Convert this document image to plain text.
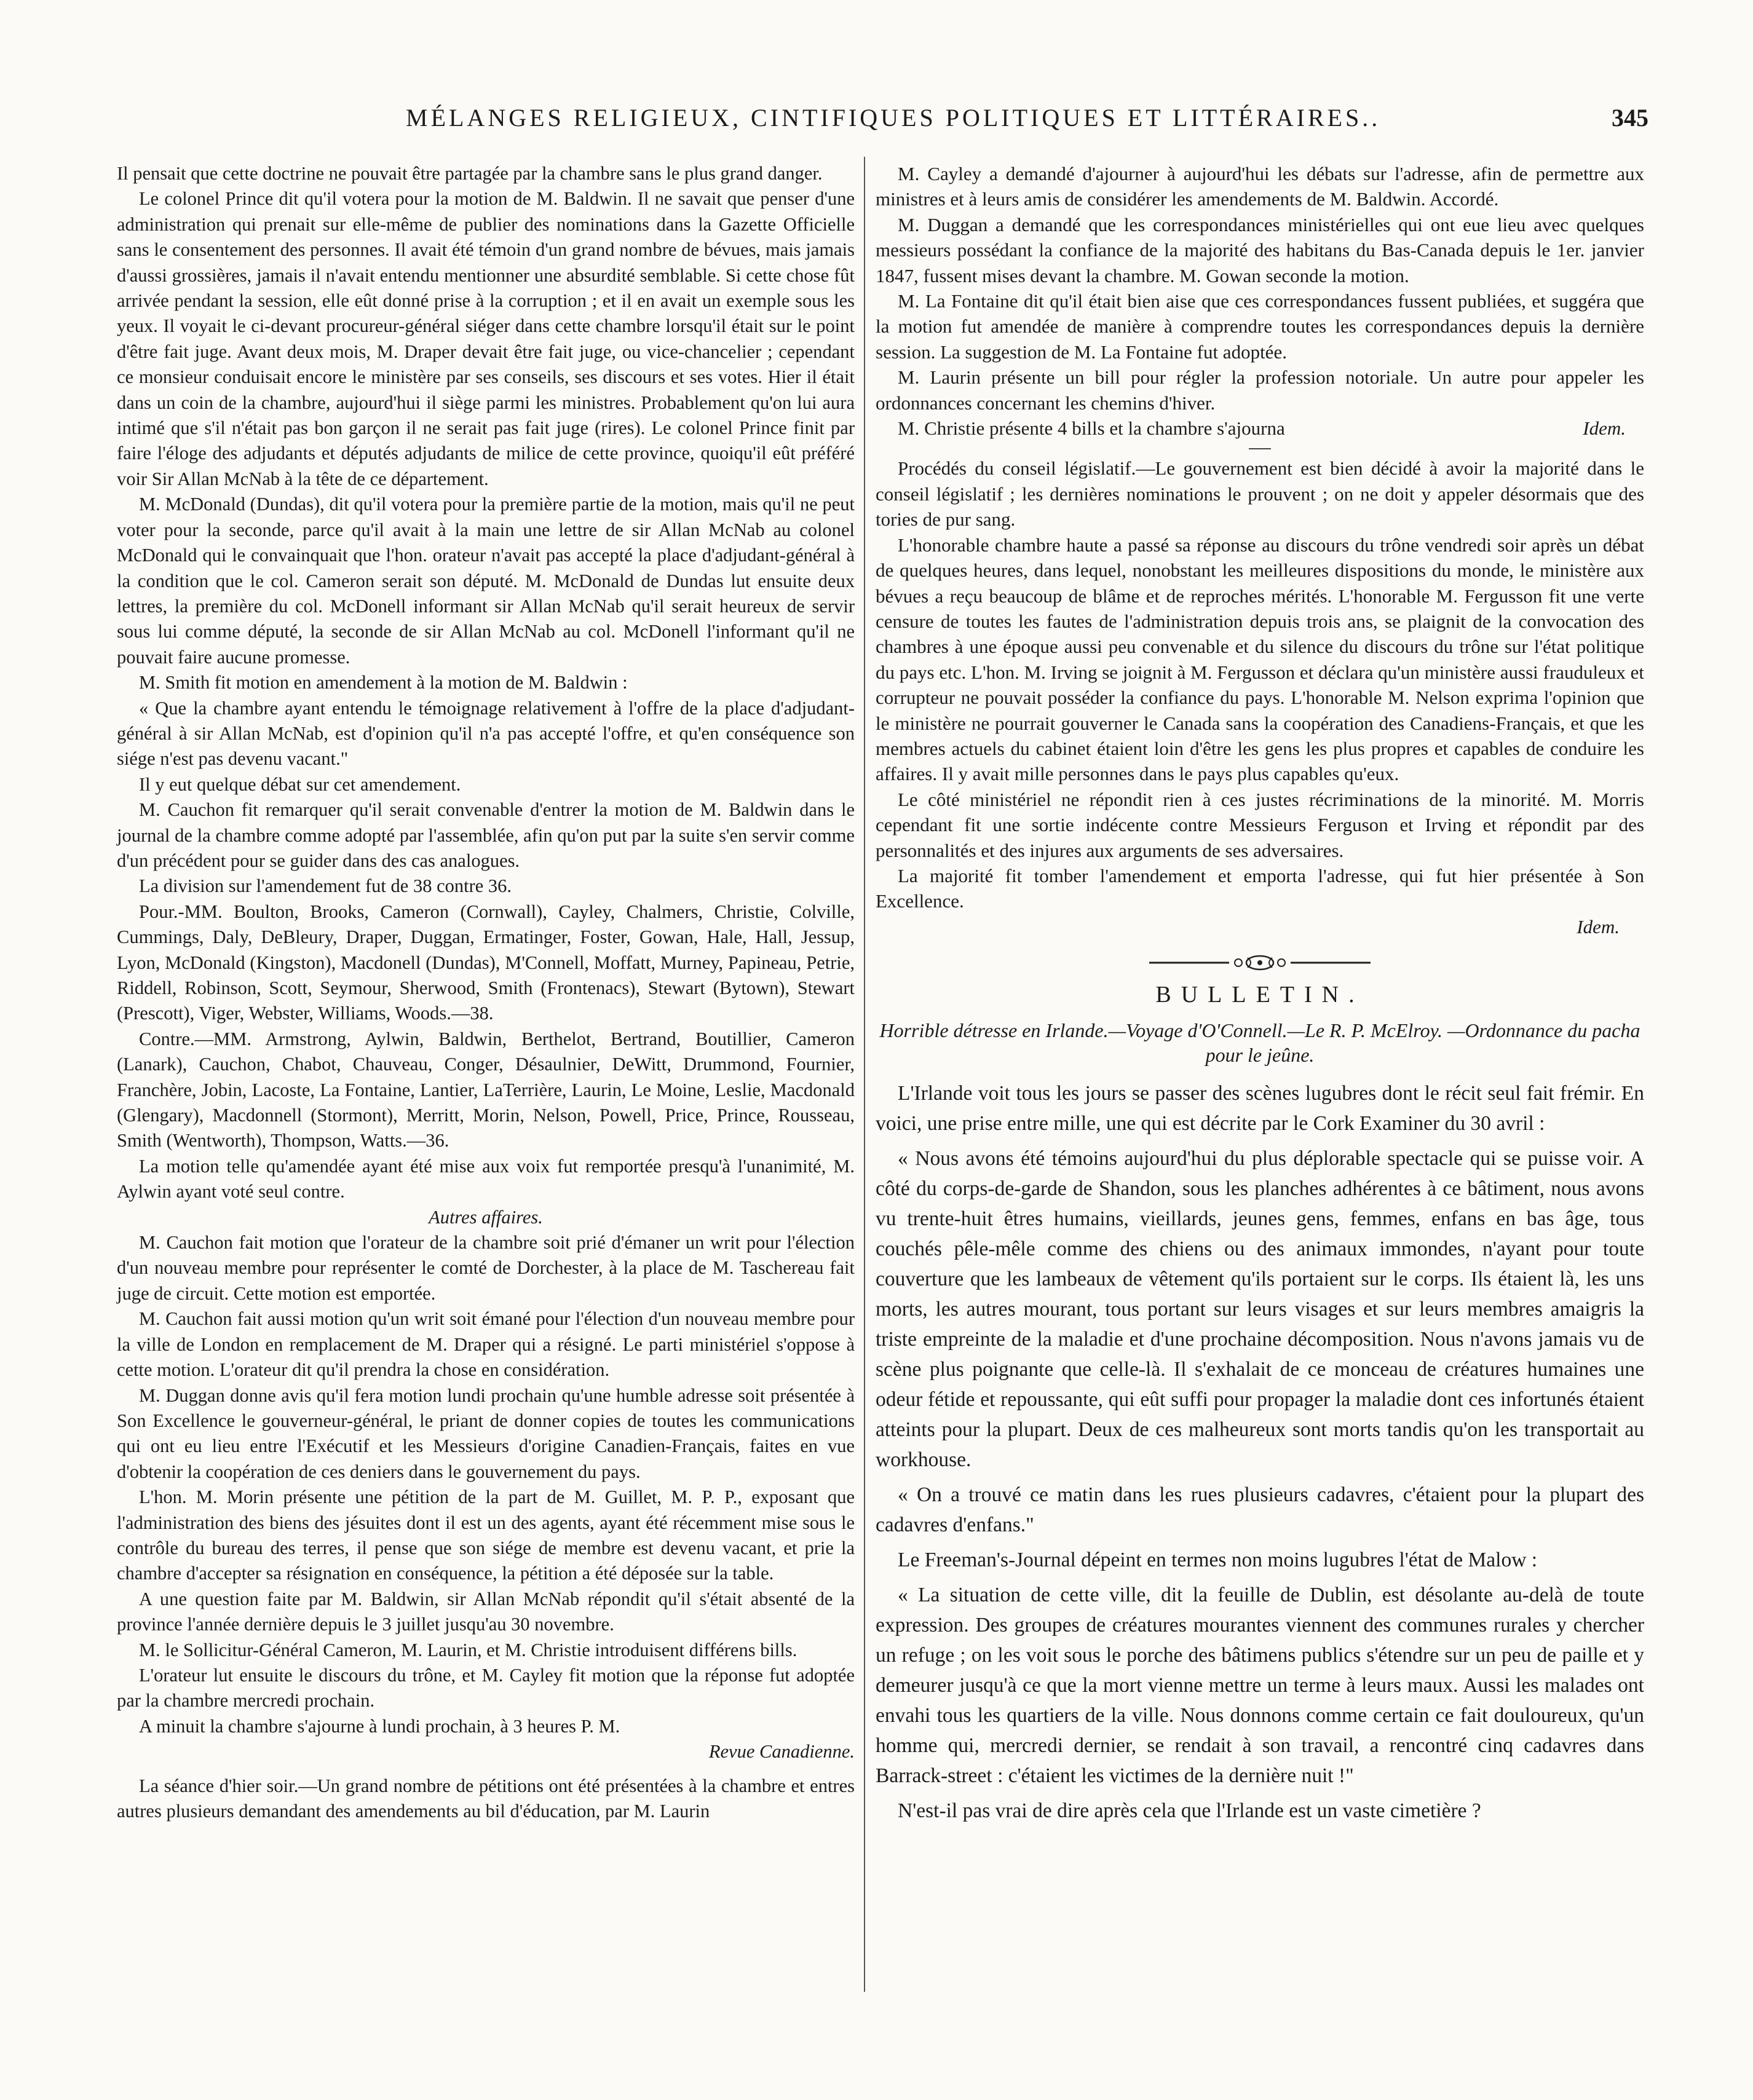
MÉLANGES RELIGIEUX, CINTIFIQUES POLITIQUES ET LITTÉRAIRES..	345

Il pensait que cette doctrine ne pouvait être partagée par la chambre sans le plus grand danger.

Le colonel Prince dit qu'il votera pour la motion de M. Baldwin. Il ne savait que penser d'une administration qui prenait sur elle-même de publier des nominations dans la Gazette Officielle sans le consentement des personnes. Il avait été témoin d'un grand nombre de bévues, mais jamais d'aussi grossières, jamais il n'avait entendu mentionner une absurdité semblable. Si cette chose fût arrivée pendant la session, elle eût donné prise à la corruption ; et il en avait un exemple sous les yeux. Il voyait le ci-devant procureur-général siéger dans cette chambre lorsqu'il était sur le point d'être fait juge. Avant deux mois, M. Draper devait être fait juge, ou vice-chancelier ; cependant ce monsieur conduisait encore le ministère par ses conseils, ses discours et ses votes. Hier il était dans un coin de la chambre, aujourd'hui il siège parmi les ministres. Probablement qu'on lui aura intimé que s'il n'était pas bon garçon il ne serait pas fait juge (rires). Le colonel Prince finit par faire l'éloge des adjudants et députés adjudants de milice de cette province, quoiqu'il eût préféré voir Sir Allan McNab à la tête de ce département.

M. McDonald (Dundas), dit qu'il votera pour la première partie de la motion, mais qu'il ne peut voter pour la seconde, parce qu'il avait à la main une lettre de sir Allan McNab au colonel McDonald qui le convainquait que l'hon. orateur n'avait pas accepté la place d'adjudant-général à la condition que le col. Cameron serait son député. M. McDonald de Dundas lut ensuite deux lettres, la première du col. McDonell informant sir Allan McNab qu'il serait heureux de servir sous lui comme député, la seconde de sir Allan McNab au col. McDonell l'informant qu'il ne pouvait faire aucune promesse.

M. Smith fit motion en amendement à la motion de M. Baldwin :

« Que la chambre ayant entendu le témoignage relativement à l'offre de la place d'adjudant-général à sir Allan McNab, est d'opinion qu'il n'a pas accepté l'offre, et qu'en conséquence son siége n'est pas devenu vacant."

Il y eut quelque débat sur cet amendement.

M. Cauchon fit remarquer qu'il serait convenable d'entrer la motion de M. Baldwin dans le journal de la chambre comme adopté par l'assemblée, afin qu'on put par la suite s'en servir comme d'un précédent pour se guider dans des cas analogues.

La division sur l'amendement fut de 38 contre 36.

Pour.-MM. Boulton, Brooks, Cameron (Cornwall), Cayley, Chalmers, Christie, Colville, Cummings, Daly, DeBleury, Draper, Duggan, Ermatinger, Foster, Gowan, Hale, Hall, Jessup, Lyon, McDonald (Kingston), Macdonell (Dundas), M'Connell, Moffatt, Murney, Papineau, Petrie, Riddell, Robinson, Scott, Seymour, Sherwood, Smith (Frontenacs), Stewart (Bytown), Stewart (Prescott), Viger, Webster, Williams, Woods.—38.

Contre.—MM. Armstrong, Aylwin, Baldwin, Berthelot, Bertrand, Boutillier, Cameron (Lanark), Cauchon, Chabot, Chauveau, Conger, Désaulnier, DeWitt, Drummond, Fournier, Franchère, Jobin, Lacoste, La Fontaine, Lantier, LaTerrière, Laurin, Le Moine, Leslie, Macdonald (Glengary), Macdonnell (Stormont), Merritt, Morin, Nelson, Powell, Price, Prince, Rousseau, Smith (Wentworth), Thompson, Watts.—36.

La motion telle qu'amendée ayant été mise aux voix fut remportée presqu'à l'unanimité, M. Aylwin ayant voté seul contre.

Autres affaires.

M. Cauchon fait motion que l'orateur de la chambre soit prié d'émaner un writ pour l'élection d'un nouveau membre pour représenter le comté de Dorchester, à la place de M. Taschereau fait juge de circuit. Cette motion est emportée.

M. Cauchon fait aussi motion qu'un writ soit émané pour l'élection d'un nouveau membre pour la ville de London en remplacement de M. Draper qui a résigné. Le parti ministériel s'oppose à cette motion. L'orateur dit qu'il prendra la chose en considération.

M. Duggan donne avis qu'il fera motion lundi prochain qu'une humble adresse soit présentée à Son Excellence le gouverneur-général, le priant de donner copies de toutes les communications qui ont eu lieu entre l'Exécutif et les Messieurs d'origine Canadien-Français, faites en vue d'obtenir la coopération de ces deniers dans le gouvernement du pays.

L'hon. M. Morin présente une pétition de la part de M. Guillet, M. P. P., exposant que l'administration des biens des jésuites dont il est un des agents, ayant été récemment mise sous le contrôle du bureau des terres, il pense que son siége de membre est devenu vacant, et prie la chambre d'accepter sa résignation en conséquence, la pétition a été déposée sur la table.

A une question faite par M. Baldwin, sir Allan McNab répondit qu'il s'était absenté de la province l'année dernière depuis le 3 juillet jusqu'au 30 novembre.

M. le Sollicitur-Général Cameron, M. Laurin, et M. Christie introduisent différens bills.

L'orateur lut ensuite le discours du trône, et M. Cayley fit motion que la réponse fut adoptée par la chambre mercredi prochain.

A minuit la chambre s'ajourne à lundi prochain, à 3 heures P. M.

Revue Canadienne.

La séance d'hier soir.—Un grand nombre de pétitions ont été présentées à la chambre et entres autres plusieurs demandant des amendements au bil d'éducation, par M. Laurin

M. Cayley a demandé d'ajourner à aujourd'hui les débats sur l'adresse, afin de permettre aux ministres et à leurs amis de considérer les amendements de M. Baldwin. Accordé.

M. Duggan a demandé que les correspondances ministérielles qui ont eue lieu avec quelques messieurs possédant la confiance de la majorité des habitans du Bas-Canada depuis le 1er. janvier 1847, fussent mises devant la chambre. M. Gowan seconde la motion.

M. La Fontaine dit qu'il était bien aise que ces correspondances fussent publiées, et suggéra que la motion fut amendée de manière à comprendre toutes les correspondances depuis la dernière session. La suggestion de M. La Fontaine fut adoptée.

M. Laurin présente un bill pour régler la profession notoriale. Un autre pour appeler les ordonnances concernant les chemins d'hiver.

M. Christie présente 4 bills et la chambre s'ajourna	Idem.

Procédés du conseil législatif.—Le gouvernement est bien décidé à avoir la majorité dans le conseil législatif ; les dernières nominations le prouvent ; on ne doit y appeler désormais que des tories de pur sang.

L'honorable chambre haute a passé sa réponse au discours du trône vendredi soir après un débat de quelques heures, dans lequel, nonobstant les meilleures dispositions du monde, le ministère aux bévues a reçu beaucoup de blâme et de reproches mérités. L'honorable M. Fergusson fit une verte censure de toutes les fautes de l'administration depuis trois ans, se plaignit de la convocation des chambres à une époque aussi peu convenable et du silence du discours du trône sur l'état politique du pays etc. L'hon. M. Irving se joignit à M. Fergusson et déclara qu'un ministère aussi frauduleux et corrupteur ne pouvait posséder la confiance du pays. L'honorable M. Nelson exprima l'opinion que le ministère ne pourrait gouverner le Canada sans la coopération des Canadiens-Français, et que les membres actuels du cabinet étaient loin d'être les gens les plus propres et capables de conduire les affaires. Il y avait mille personnes dans le pays plus capables qu'eux.

Le côté ministériel ne répondit rien à ces justes récriminations de la minorité. M. Morris cependant fit une sortie indécente contre Messieurs Ferguson et Irving et répondit par des personnalités et des injures aux arguments de ses adversaires.

La majorité fit tomber l'amendement et emporta l'adresse, qui fut hier présentée à Son Excellence.

Idem.

BULLETIN.
Horrible détresse en Irlande.—Voyage d'O'Connell.—Le R. P. McElroy. —Ordonnance du pacha pour le jeûne.

L'Irlande voit tous les jours se passer des scènes lugubres dont le récit seul fait frémir. En voici, une prise entre mille, une qui est décrite par le Cork Examiner du 30 avril :

« Nous avons été témoins aujourd'hui du plus déplorable spectacle qui se puisse voir. A côté du corps-de-garde de Shandon, sous les planches adhérentes à ce bâtiment, nous avons vu trente-huit êtres humains, vieillards, jeunes gens, femmes, enfans en bas âge, tous couchés pêle-mêle comme des chiens ou des animaux immondes, n'ayant pour toute couverture que les lambeaux de vêtement qu'ils portaient sur le corps. Ils étaient là, les uns morts, les autres mourant, tous portant sur leurs visages et sur leurs membres amaigris la triste empreinte de la maladie et d'une prochaine décomposition. Nous n'avons jamais vu de scène plus poignante que celle-là. Il s'exhalait de ce monceau de créatures humaines une odeur fétide et repoussante, qui eût suffi pour propager la maladie dont ces infortunés étaient atteints pour la plupart. Deux de ces malheureux sont morts tandis qu'on les transportait au workhouse.

« On a trouvé ce matin dans les rues plusieurs cadavres, c'étaient pour la plupart des cadavres d'enfans."

Le Freeman's-Journal dépeint en termes non moins lugubres l'état de Malow :

« La situation de cette ville, dit la feuille de Dublin, est désolante au-delà de toute expression. Des groupes de créatures mourantes viennent des communes rurales y chercher un refuge ; on les voit sous le porche des bâtimens publics s'étendre sur un peu de paille et y demeurer jusqu'à ce que la mort vienne mettre un terme à leurs maux. Aussi les malades ont envahi tous les quartiers de la ville. Nous donnons comme certain ce fait douloureux, qu'un homme qui, mercredi dernier, se rendait à son travail, a rencontré cinq cadavres dans Barrack-street : c'étaient les victimes de la dernière nuit !"

N'est-il pas vrai de dire après cela que l'Irlande est un vaste cimetière ?
